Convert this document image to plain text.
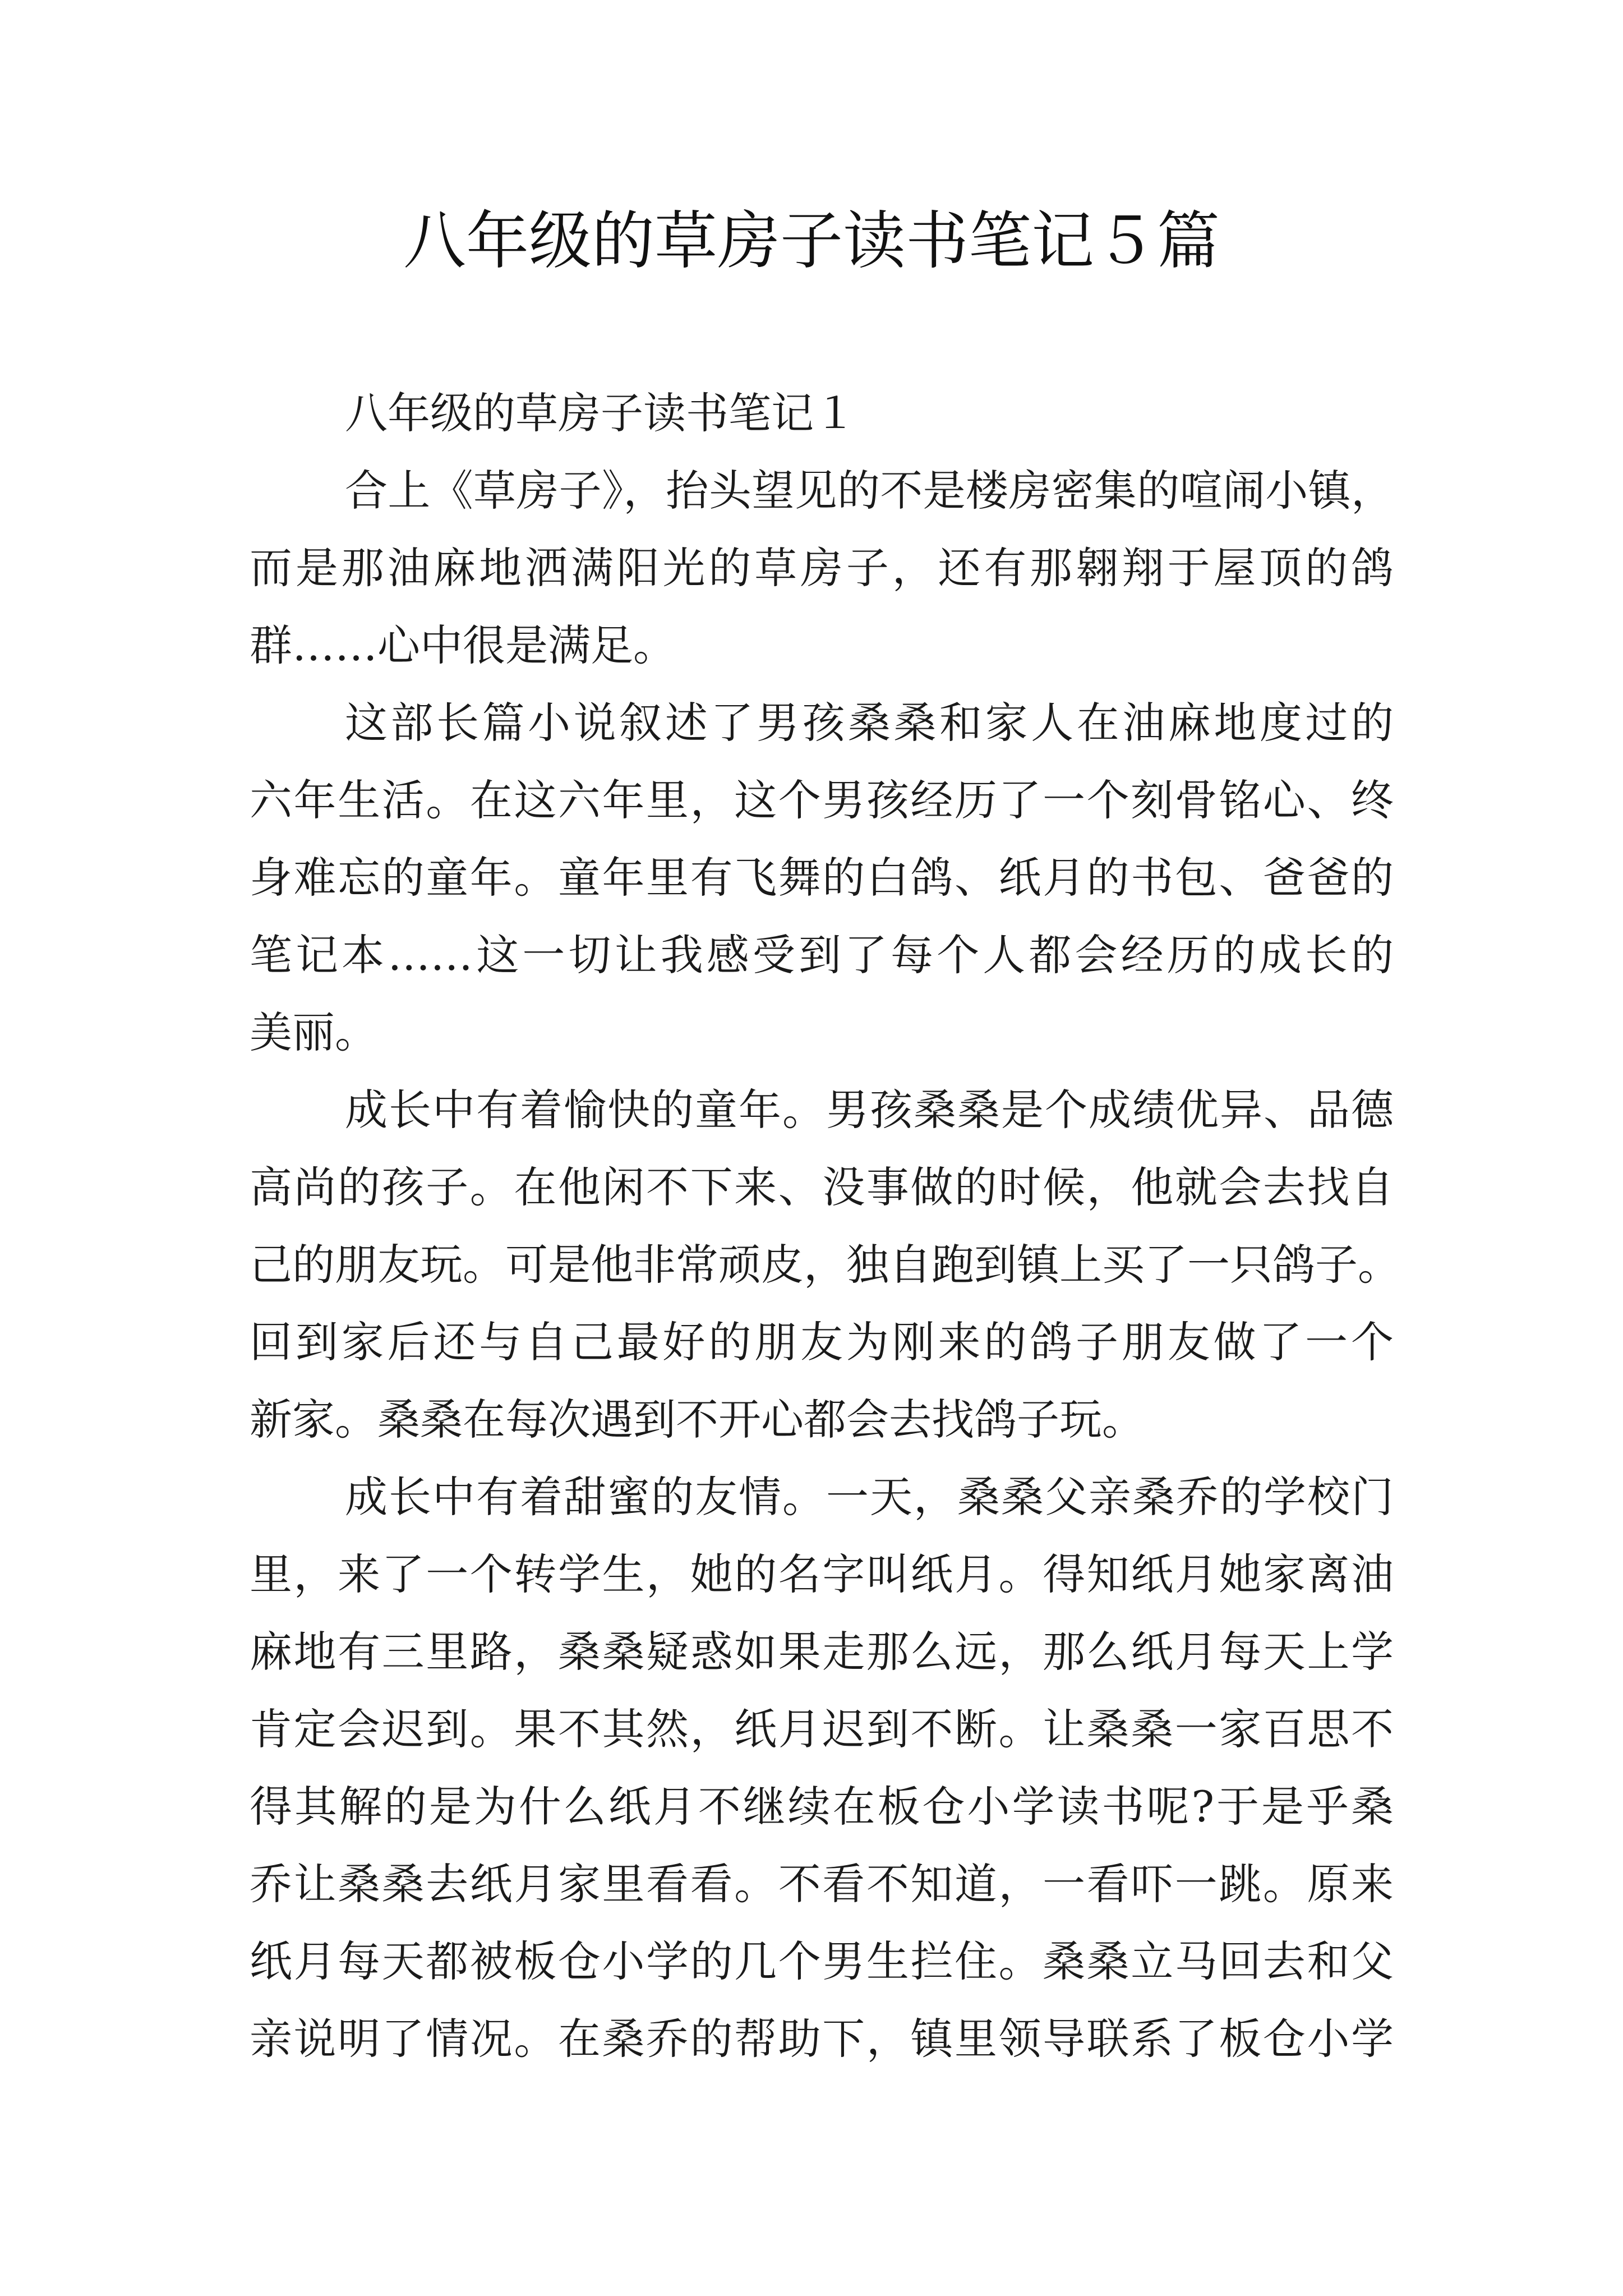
八年级的草房子读书笔记５篇
八年级的草房子读书笔记１
合上《草房子》，抬头望见的不是楼房密集的喧闹小镇，
而是那油麻地洒满阳光的草房子，还有那翱翔于屋顶的鸽
群……心中很是满足。
这部长篇小说叙述了男孩桑桑和家人在油麻地度过的
六年生活。在这六年里，这个男孩经历了一个刻骨铭心、终
身难忘的童年。童年里有飞舞的白鸽、纸月的书包、爸爸的
笔记本……这一切让我感受到了每个人都会经历的成长的
美丽。
成长中有着愉快的童年。男孩桑桑是个成绩优异、品德
高尚的孩子。在他闲不下来、没事做的时候，他就会去找自
己的朋友玩。可是他非常顽皮，独自跑到镇上买了一只鸽子。
回到家后还与自己最好的朋友为刚来的鸽子朋友做了一个
新家。桑桑在每次遇到不开心都会去找鸽子玩。
成长中有着甜蜜的友情。一天，桑桑父亲桑乔的学校门
里，来了一个转学生，她的名字叫纸月。得知纸月她家离油
麻地有三里路，桑桑疑惑如果走那么远，那么纸月每天上学
肯定会迟到。果不其然，纸月迟到不断。让桑桑一家百思不
得其解的是为什么纸月不继续在板仓小学读书呢?于是乎桑
乔让桑桑去纸月家里看看。不看不知道，一看吓一跳。原来
纸月每天都被板仓小学的几个男生拦住。桑桑立马回去和父
亲说明了情况。在桑乔的帮助下，镇里领导联系了板仓小学
